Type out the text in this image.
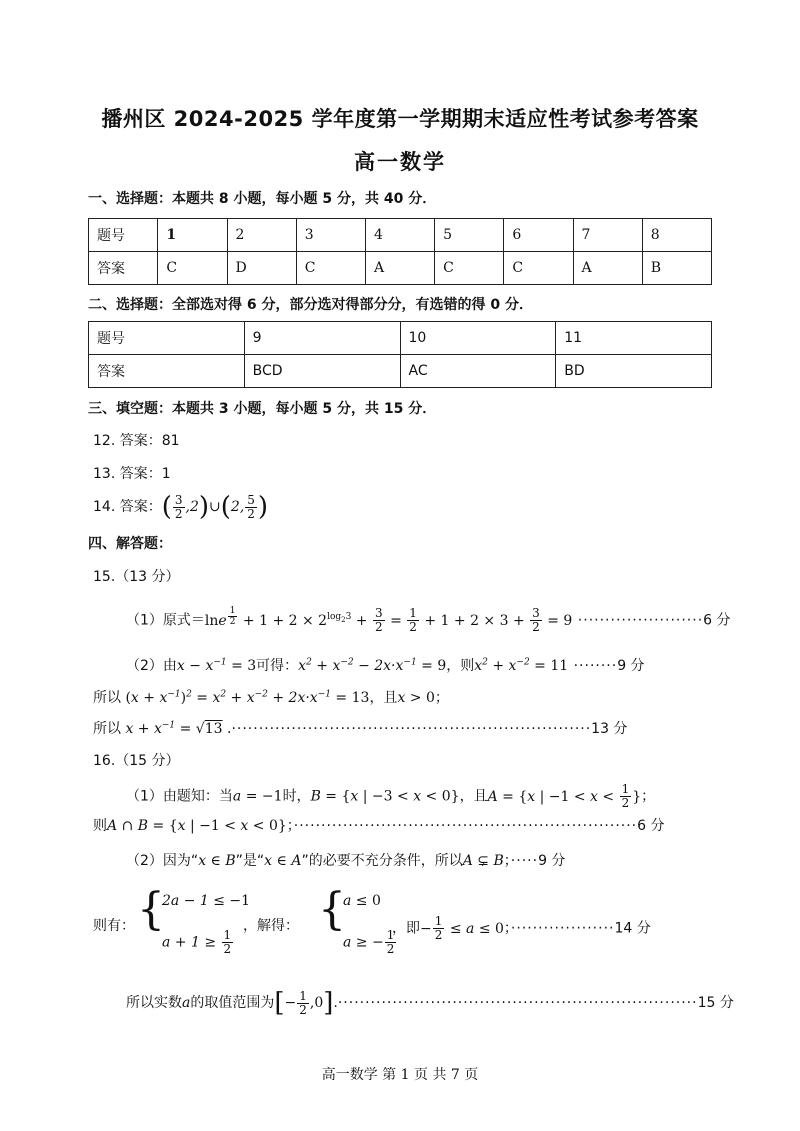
播州区 2024-2025 学年度第一学期期末适应性考试参考答案
高一数学
一、选择题：本题共 8 小题，每小题 5 分，共 40 分．
题号	1	2	3	4	5	6	7	8
答案	C	D	C	A	C	C	A	B
二、选择题：全部选对得 6 分，部分选对得部分分，有选错的得 0 分．
题号	9	10	11
答案	BCD	AC	BD
三、填空题：本题共 3 小题，每小题 5 分，共 15 分．
12. 答案：81
13. 答案：1
14. 答案：( $\frac{3}{2}$ ,2)∪(2, $\frac{5}{2}$ )
四、解答题：
15.（13 分）
（1）原式＝lne $^{\frac{1}{2}} + 1 + 2 \times 2^{log_23} + \frac{3}{2} = \frac{1}{2} + 1 + 2 \times 3 + \frac{3}{2} = 9 \cdot\cdot\cdot\cdot\cdot\cdot\cdot\cdot\cdot\cdot\cdot\cdot\cdot\cdot\cdot\cdot\cdot\cdot\cdot\cdot\cdot\cdot\cdot 6$ 分
（2）由$x - x^{-1} = 3$可得：$x^2 + x^{-2} - 2x\cdot x^{-1} = 9$，则$x^2 + x^{-2} = 11 \cdot\cdot\cdot\cdot\cdot\cdot\cdot\cdot 9$ 分
所以 $(x + x^{-1})^2 = x^2 + x^{-2} + 2x\cdot x^{-1} = 13$，且x > 0；
所以 $x + x^{-1} = √13$ .··································································13 分
16.（15 分）
（1）由题知：当a = −1时，B = {x | −3 < x < 0}，且A = {x | $-1 < x < \frac{1}{2}$ }；
则A ∩ B = {x | −1 < x < 0}；·······························································6 分
（2）因为“x ∈ B”是“x ∈ A”的必要不充分条件，所以A ⊊ B；·····9 分
则有： {
2a − 1 ≤ −1
$a + 1 \ge \frac{1}{2}$
，解得： {
a ≤ 0
a ≥ − $\frac{1}{2}$
，即− $\frac{1}{2} \le a \le 0$；···················14 分
所以实数a的取值范围为[− $\frac{1}{2} ,0].\cdot\cdot\cdot\cdot\cdot\cdot\cdot\cdot\cdot\cdot\cdot\cdot\cdot\cdot\cdot\cdot\cdot\cdot\cdot\cdot\cdot\cdot\cdot\cdot\cdot\cdot\cdot\cdot\cdot\cdot\cdot\cdot\cdot\cdot\cdot\cdot\cdot\cdot\cdot\cdot\cdot\cdot\cdot\cdot\cdot\cdot\cdot\cdot\cdot\cdot\cdot\cdot\cdot\cdot\cdot\cdot\cdot\cdot\cdot\cdot\cdot\cdot\cdot\cdot\cdot\cdot 15$ 分
高一数学 第 1 页 共 7 页
